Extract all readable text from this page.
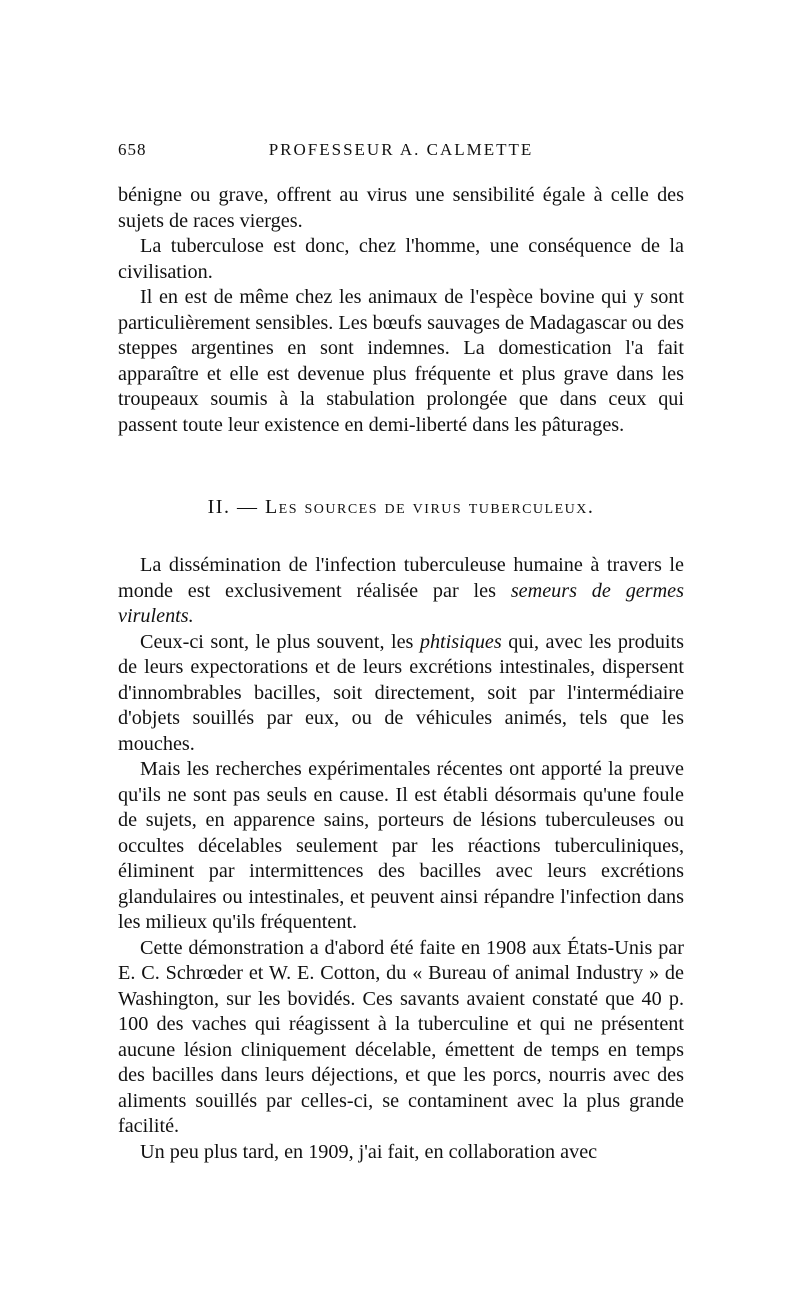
658	PROFESSEUR A. CALMETTE

bénigne ou grave, offrent au virus une sensibilité égale à celle des sujets de races vierges.

La tuberculose est donc, chez l'homme, une conséquence de la civilisation.

Il en est de même chez les animaux de l'espèce bovine qui y sont particulièrement sensibles. Les bœufs sauvages de Madagascar ou des steppes argentines en sont indemnes. La domestication l'a fait apparaître et elle est devenue plus fréquente et plus grave dans les troupeaux soumis à la stabulation prolongée que dans ceux qui passent toute leur existence en demi-liberté dans les pâturages.

II. — Les sources de virus tuberculeux.

La dissémination de l'infection tuberculeuse humaine à travers le monde est exclusivement réalisée par les semeurs de germes virulents.

Ceux-ci sont, le plus souvent, les phtisiques qui, avec les produits de leurs expectorations et de leurs excrétions intestinales, dispersent d'innombrables bacilles, soit directement, soit par l'intermédiaire d'objets souillés par eux, ou de véhicules animés, tels que les mouches.

Mais les recherches expérimentales récentes ont apporté la preuve qu'ils ne sont pas seuls en cause. Il est établi désormais qu'une foule de sujets, en apparence sains, porteurs de lésions tuberculeuses ou occultes décelables seulement par les réactions tuberculiniques, éliminent par intermittences des bacilles avec leurs excrétions glandulaires ou intestinales, et peuvent ainsi répandre l'infection dans les milieux qu'ils fréquentent.

Cette démonstration a d'abord été faite en 1908 aux États-Unis par E. C. Schrœder et W. E. Cotton, du « Bureau of animal Industry » de Washington, sur les bovidés. Ces savants avaient constaté que 40 p. 100 des vaches qui réagissent à la tuberculine et qui ne présentent aucune lésion cliniquement décelable, émettent de temps en temps des bacilles dans leurs déjections, et que les porcs, nourris avec des aliments souillés par celles-ci, se contaminent avec la plus grande facilité.

Un peu plus tard, en 1909, j'ai fait, en collaboration avec
